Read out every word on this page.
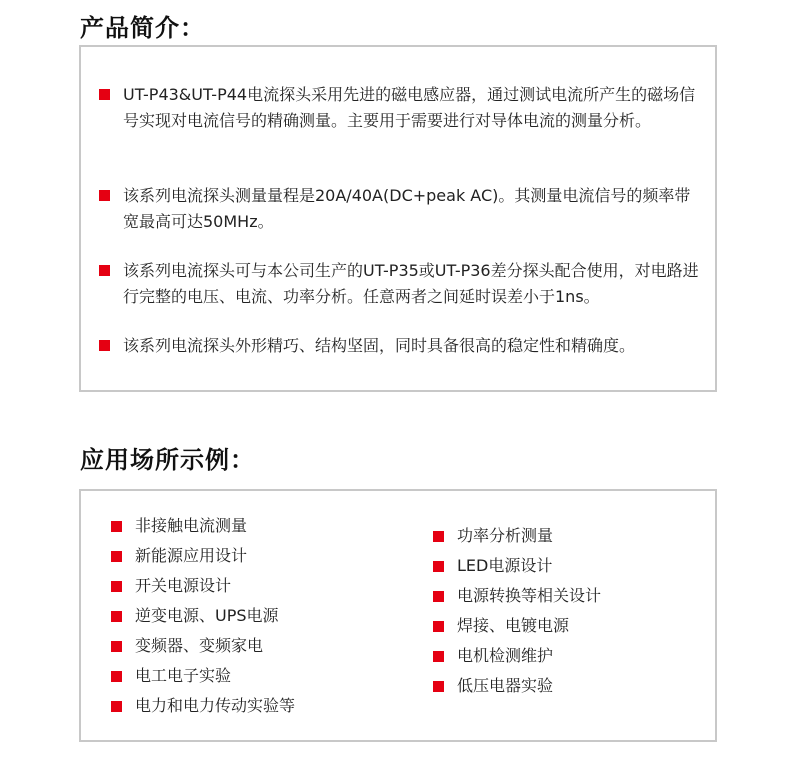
产品简介：
UT-P43&UT-P44电流探头采用先进的磁电感应器，通过测试电流所产生的磁场信号实现对电流信号的精确测量。主要用于需要进行对导体电流的测量分析。
该系列电流探头测量量程是20A/40A(DC+peak AC)。其测量电流信号的频率带宽最高可达50MHz。
该系列电流探头可与本公司生产的UT-P35或UT-P36差分探头配合使用，对电路进行完整的电压、电流、功率分析。任意两者之间延时误差小于1ns。
该系列电流探头外形精巧、结构坚固，同时具备很高的稳定性和精确度。
应用场所示例：
非接触电流测量
新能源应用设计
开关电源设计
逆变电源、UPS电源
变频器、变频家电
电工电子实验
电力和电力传动实验等
功率分析测量
LED电源设计
电源转换等相关设计
焊接、电镀电源
电机检测维护
低压电器实验
